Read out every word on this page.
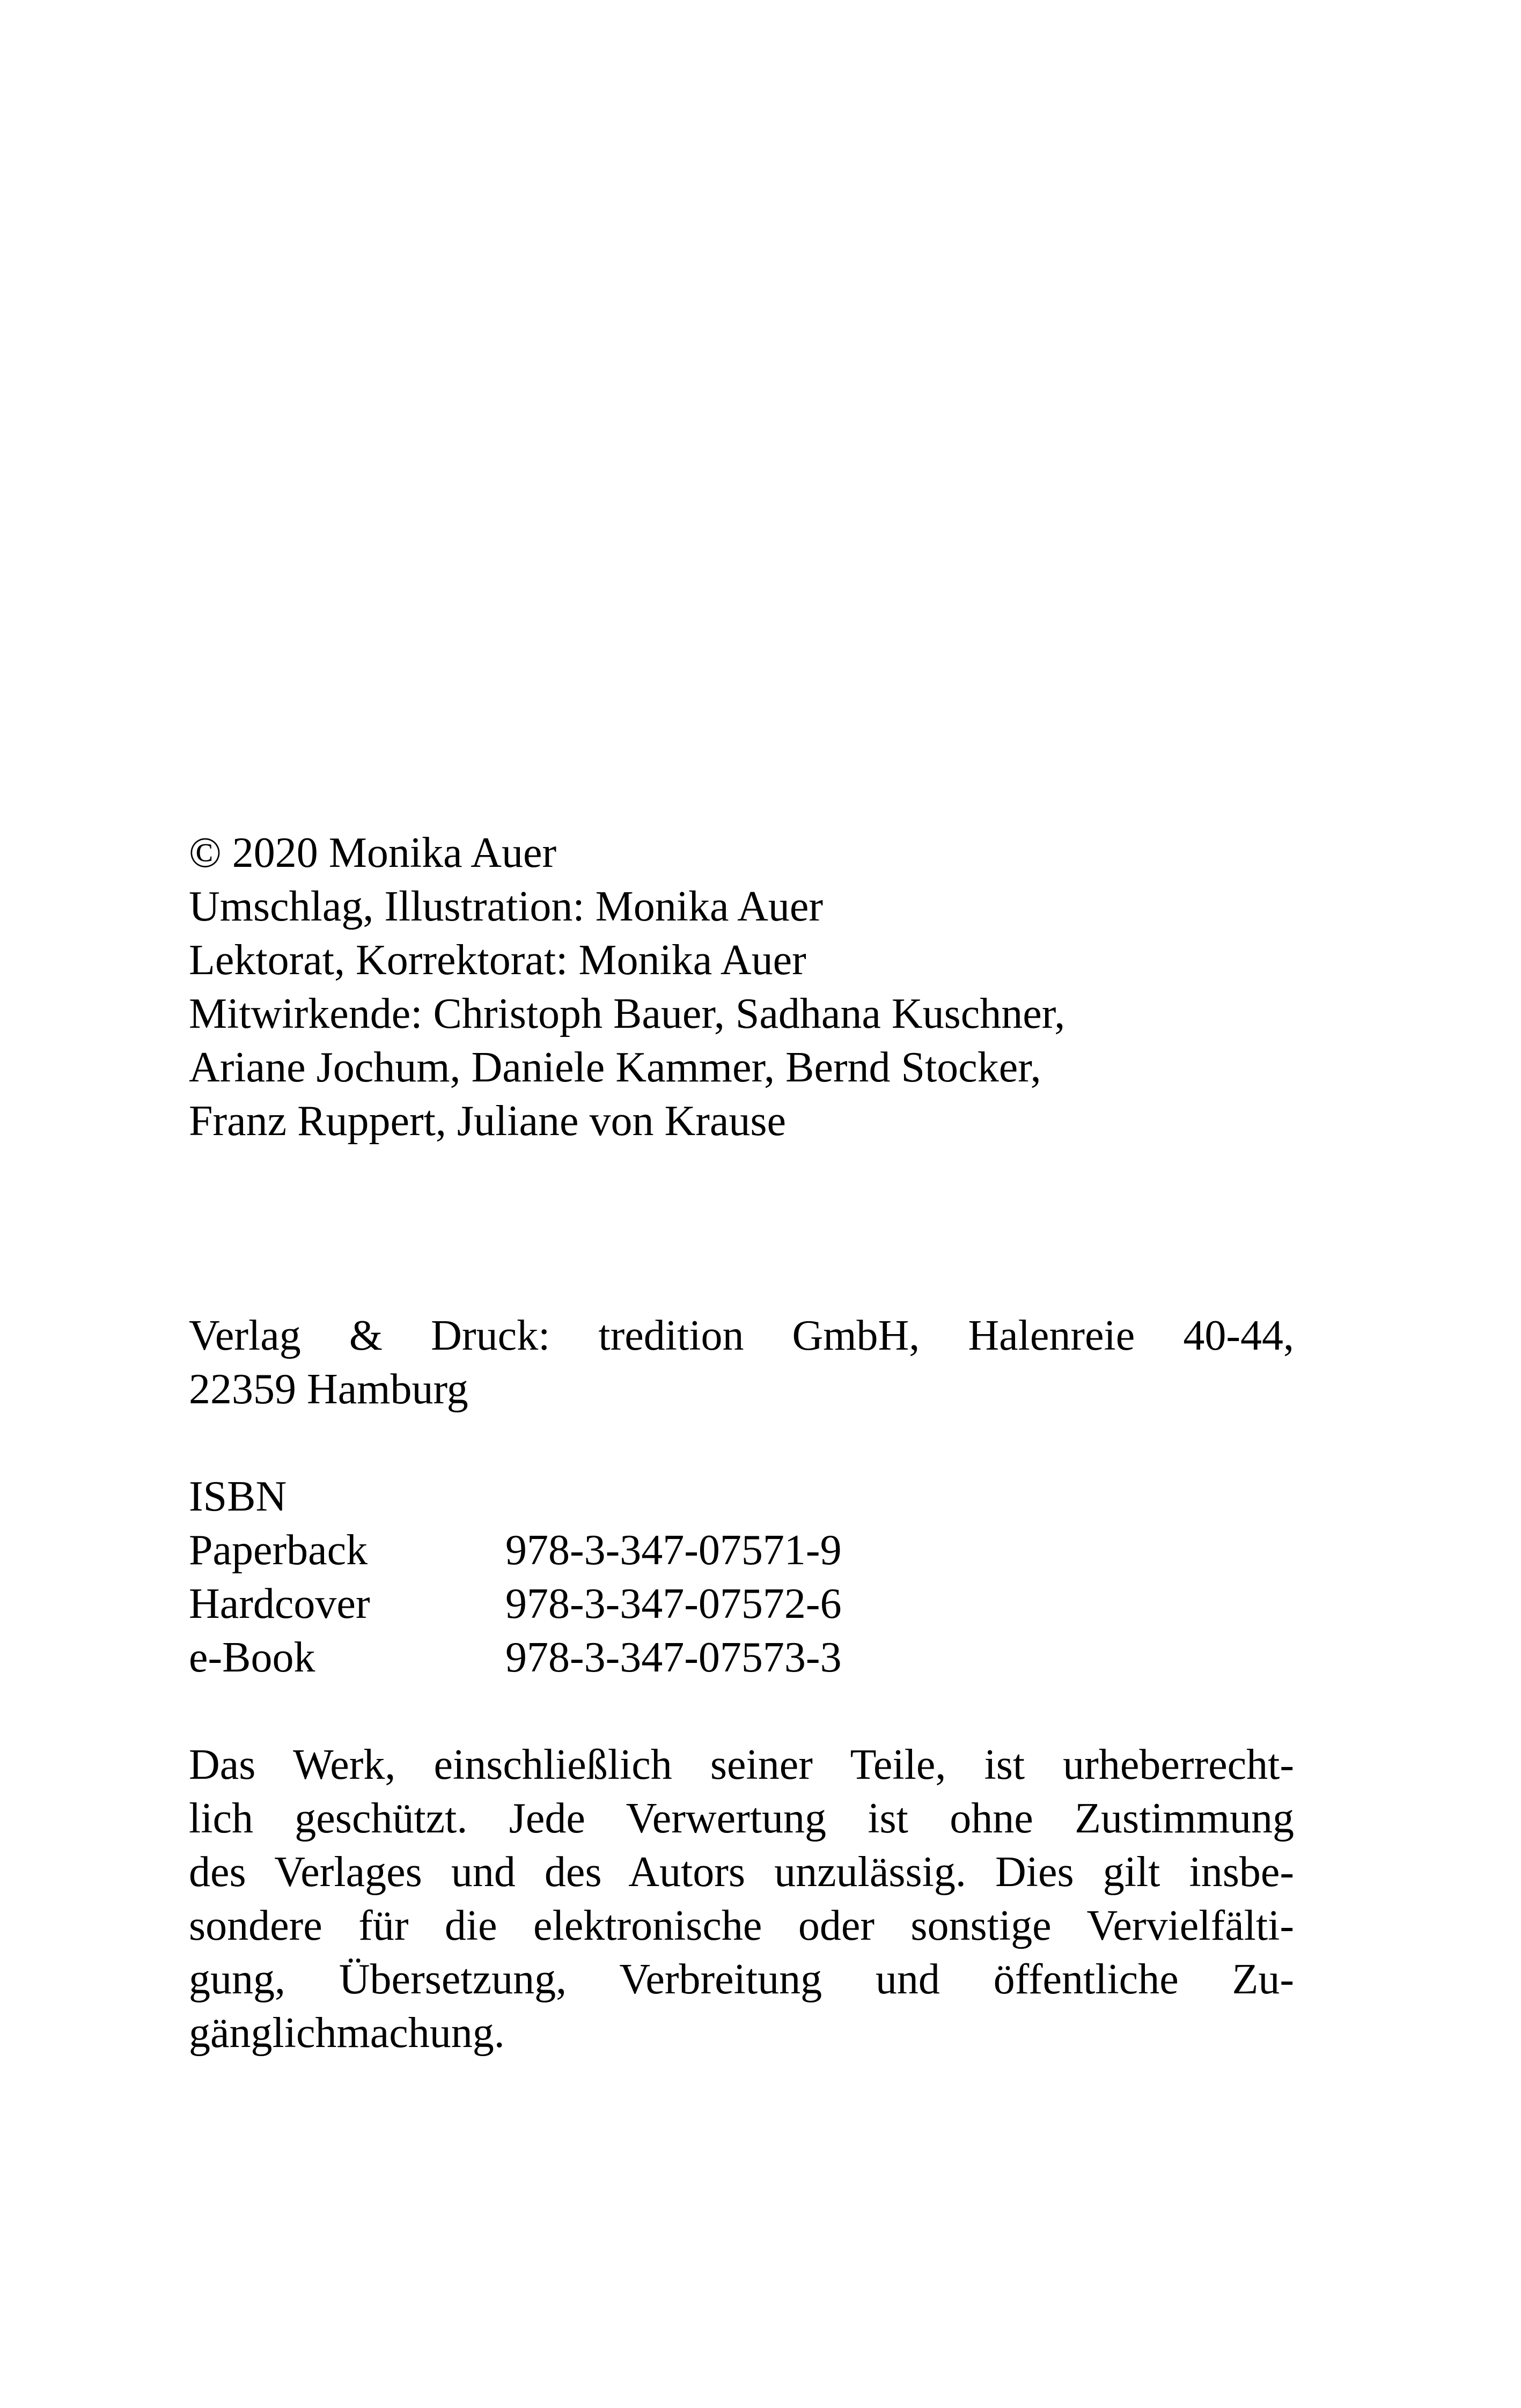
© 2020 Monika Auer
Umschlag, Illustration: Monika Auer
Lektorat, Korrektorat: Monika Auer
Mitwirkende: Christoph Bauer, Sadhana Kuschner,
Ariane Jochum, Daniele Kammer, Bernd Stocker,
Franz Ruppert, Juliane von Krause
Verlag & Druck: tredition GmbH, Halenreie 40-44,
22359 Hamburg
ISBN
Paperback	978-3-347-07571-9
Hardcover	978-3-347-07572-6
e-Book	978-3-347-07573-3
Das Werk, einschließlich seiner Teile, ist urheberrecht-
lich geschützt. Jede Verwertung ist ohne Zustimmung
des Verlages und des Autors unzulässig. Dies gilt insbe-
sondere für die elektronische oder sonstige Vervielfälti-
gung, Übersetzung, Verbreitung und öffentliche Zu-
gänglichmachung.
